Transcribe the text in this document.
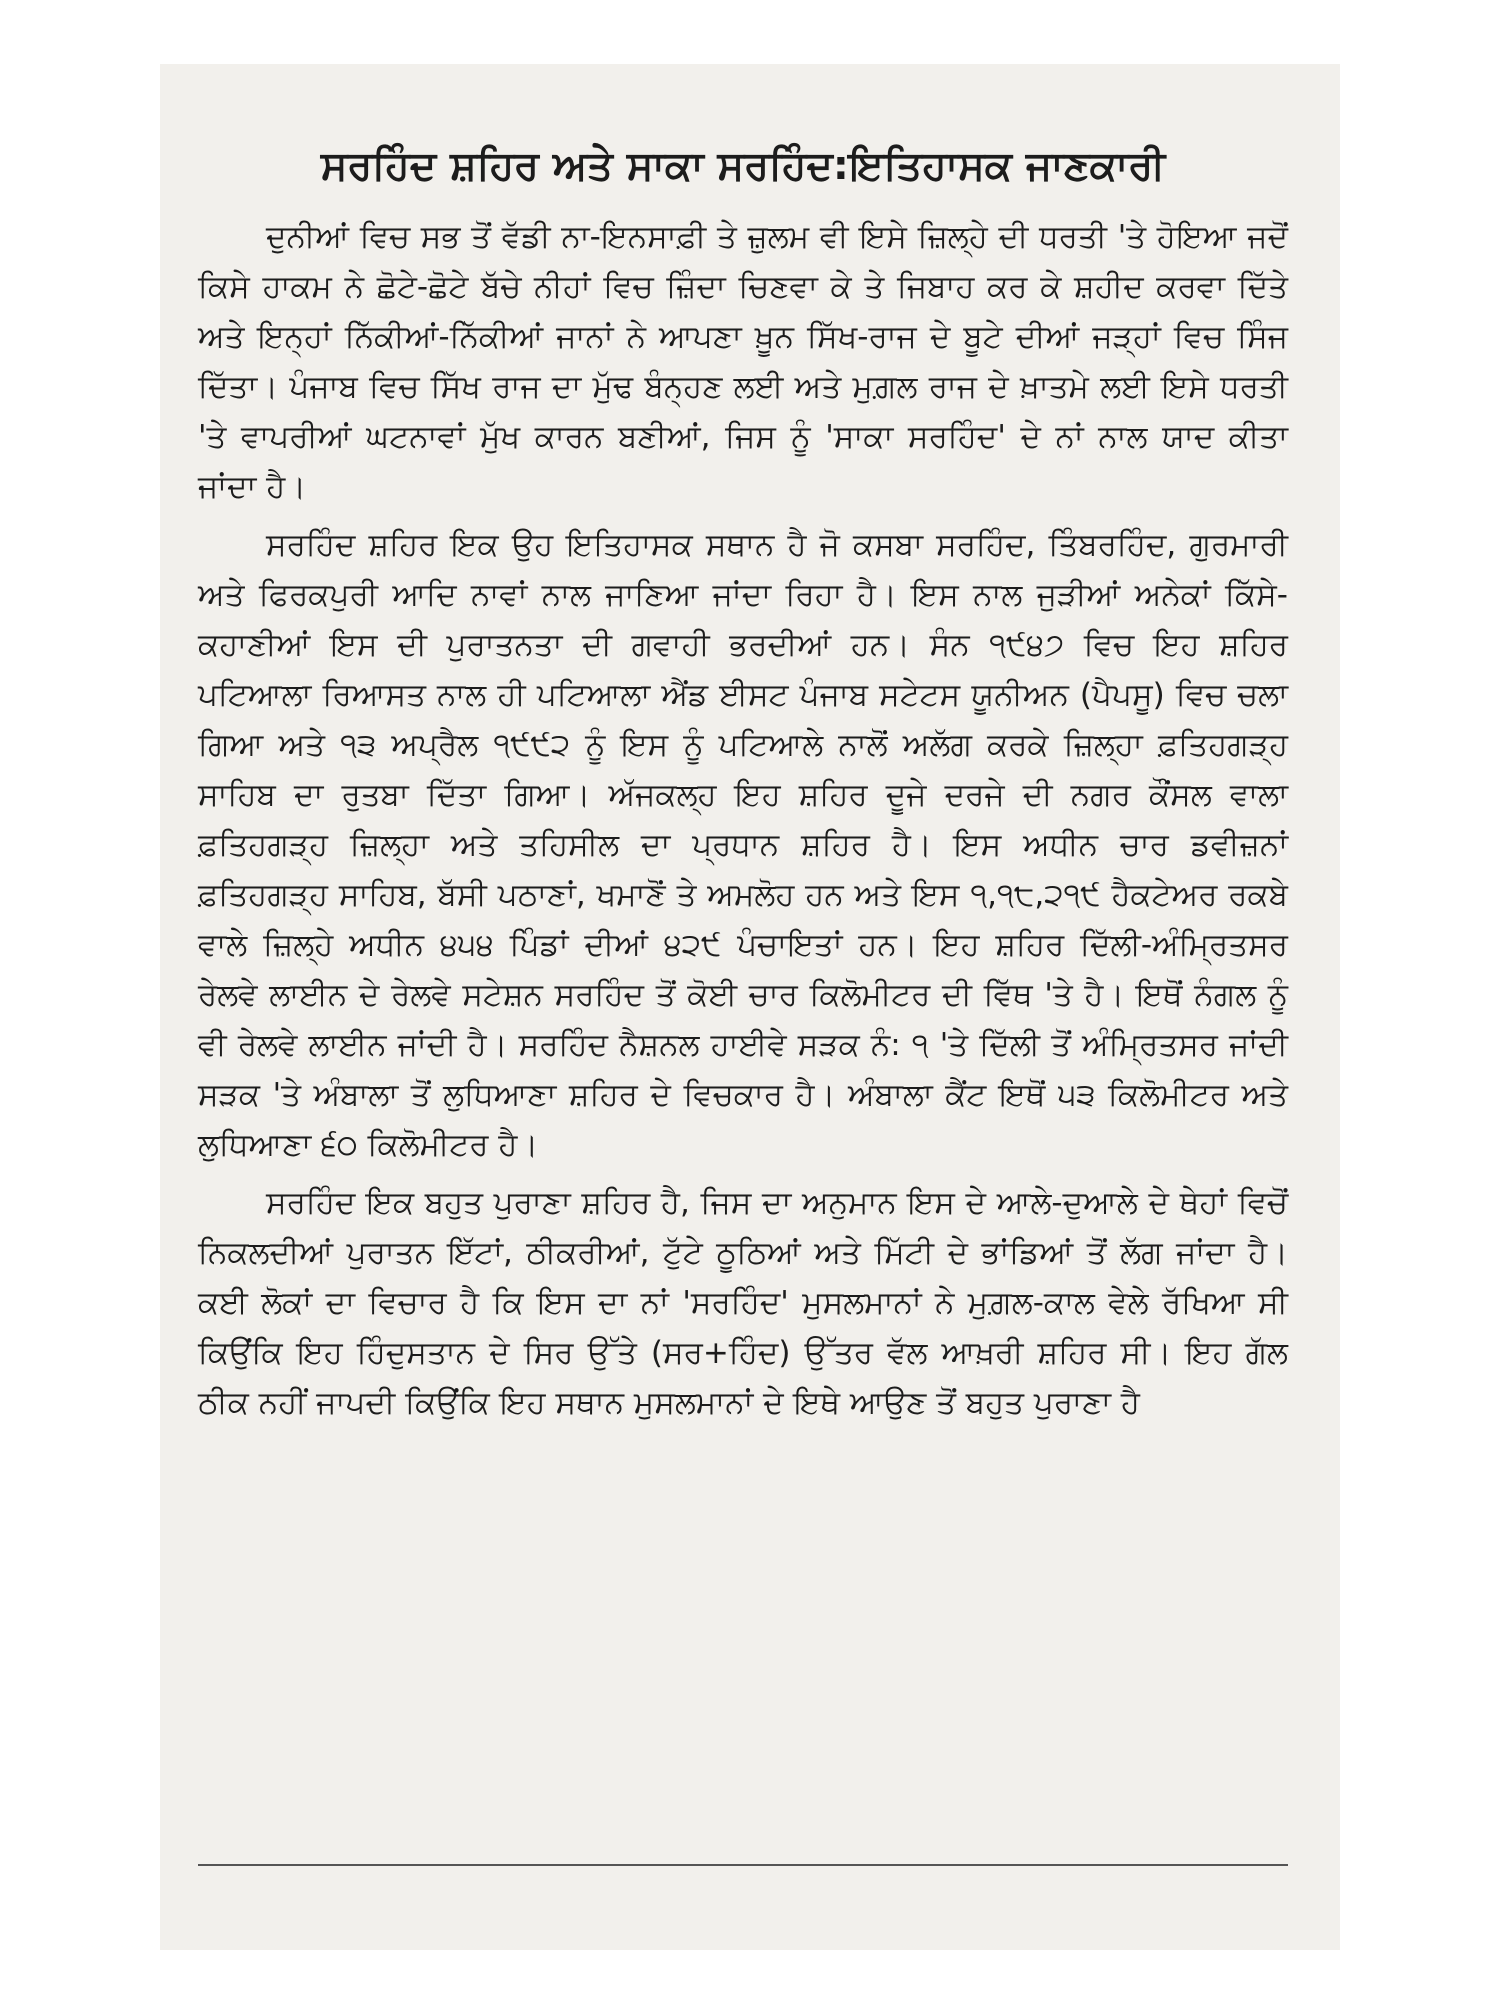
ਸਰਹਿੰਦ ਸ਼ਹਿਰ ਅਤੇ ਸਾਕਾ ਸਰਹਿੰਦ:ਇਤਿਹਾਸਕ ਜਾਣਕਾਰੀ

ਦੁਨੀਆਂ ਵਿਚ ਸਭ ਤੋਂ ਵੱਡੀ ਨਾ-ਇਨਸਾਫ਼ੀ ਤੇ ਜ਼ੁਲਮ ਵੀ ਇਸੇ ਜ਼ਿਲ੍ਹੇ ਦੀ ਧਰਤੀ 'ਤੇ ਹੋਇਆ ਜਦੋਂ ਕਿਸੇ ਹਾਕਮ ਨੇ ਛੋਟੇ-ਛੋਟੇ ਬੱਚੇ ਨੀਹਾਂ ਵਿਚ ਜ਼ਿੰਦਾ ਚਿਣਵਾ ਕੇ ਤੇ ਜਿਬਾਹ ਕਰ ਕੇ ਸ਼ਹੀਦ ਕਰਵਾ ਦਿੱਤੇ ਅਤੇ ਇਨ੍ਹਾਂ ਨਿੱਕੀਆਂ-ਨਿੱਕੀਆਂ ਜਾਨਾਂ ਨੇ ਆਪਣਾ ਖ਼ੂਨ ਸਿੱਖ-ਰਾਜ ਦੇ ਬੂਟੇ ਦੀਆਂ ਜੜ੍ਹਾਂ ਵਿਚ ਸਿੰਜ ਦਿੱਤਾ। ਪੰਜਾਬ ਵਿਚ ਸਿੱਖ ਰਾਜ ਦਾ ਮੁੱਢ ਬੰਨ੍ਹਣ ਲਈ ਅਤੇ ਮੁਗ਼ਲ ਰਾਜ ਦੇ ਖ਼ਾਤਮੇ ਲਈ ਇਸੇ ਧਰਤੀ 'ਤੇ ਵਾਪਰੀਆਂ ਘਟਨਾਵਾਂ ਮੁੱਖ ਕਾਰਨ ਬਣੀਆਂ, ਜਿਸ ਨੂੰ 'ਸਾਕਾ ਸਰਹਿੰਦ' ਦੇ ਨਾਂ ਨਾਲ ਯਾਦ ਕੀਤਾ ਜਾਂਦਾ ਹੈ।

ਸਰਹਿੰਦ ਸ਼ਹਿਰ ਇਕ ਉਹ ਇਤਿਹਾਸਕ ਸਥਾਨ ਹੈ ਜੋ ਕਸਬਾ ਸਰਹਿੰਦ, ਤਿੰਬਰਹਿੰਦ, ਗੁਰਮਾਰੀ ਅਤੇ ਫਿਰਕਪੁਰੀ ਆਦਿ ਨਾਵਾਂ ਨਾਲ ਜਾਣਿਆ ਜਾਂਦਾ ਰਿਹਾ ਹੈ। ਇਸ ਨਾਲ ਜੁੜੀਆਂ ਅਨੇਕਾਂ ਕਿੱਸੇ-ਕਹਾਣੀਆਂ ਇਸ ਦੀ ਪੁਰਾਤਨਤਾ ਦੀ ਗਵਾਹੀ ਭਰਦੀਆਂ ਹਨ। ਸੰਨ ੧੯੪੭ ਵਿਚ ਇਹ ਸ਼ਹਿਰ ਪਟਿਆਲਾ ਰਿਆਸਤ ਨਾਲ ਹੀ ਪਟਿਆਲਾ ਐਂਡ ਈਸਟ ਪੰਜਾਬ ਸਟੇਟਸ ਯੂਨੀਅਨ (ਪੈਪਸੂ) ਵਿਚ ਚਲਾ ਗਿਆ ਅਤੇ ੧੩ ਅਪ੍ਰੈਲ ੧੯੯੨ ਨੂੰ ਇਸ ਨੂੰ ਪਟਿਆਲੇ ਨਾਲੋਂ ਅਲੱਗ ਕਰਕੇ ਜ਼ਿਲ੍ਹਾ ਫ਼ਤਿਹਗੜ੍ਹ ਸਾਹਿਬ ਦਾ ਰੁਤਬਾ ਦਿੱਤਾ ਗਿਆ। ਅੱਜਕਲ੍ਹ ਇਹ ਸ਼ਹਿਰ ਦੂਜੇ ਦਰਜੇ ਦੀ ਨਗਰ ਕੌਂਸਲ ਵਾਲਾ ਫ਼ਤਿਹਗੜ੍ਹ ਜ਼ਿਲ੍ਹਾ ਅਤੇ ਤਹਿਸੀਲ ਦਾ ਪ੍ਰਧਾਨ ਸ਼ਹਿਰ ਹੈ। ਇਸ ਅਧੀਨ ਚਾਰ ਡਵੀਜ਼ਨਾਂ ਫ਼ਤਿਹਗੜ੍ਹ ਸਾਹਿਬ, ਬੱਸੀ ਪਠਾਣਾਂ, ਖਮਾਣੋਂ ਤੇ ਅਮਲੋਹ ਹਨ ਅਤੇ ਇਸ ੧,੧੮,੨੧੯ ਹੈਕਟੇਅਰ ਰਕਬੇ ਵਾਲੇ ਜ਼ਿਲ੍ਹੇ ਅਧੀਨ ੪੫੪ ਪਿੰਡਾਂ ਦੀਆਂ ੪੨੯ ਪੰਚਾਇਤਾਂ ਹਨ। ਇਹ ਸ਼ਹਿਰ ਦਿੱਲੀ-ਅੰਮ੍ਰਿਤਸਰ ਰੇਲਵੇ ਲਾਈਨ ਦੇ ਰੇਲਵੇ ਸਟੇਸ਼ਨ ਸਰਹਿੰਦ ਤੋਂ ਕੋਈ ਚਾਰ ਕਿਲੋਮੀਟਰ ਦੀ ਵਿੱਥ 'ਤੇ ਹੈ। ਇਥੋਂ ਨੰਗਲ ਨੂੰ ਵੀ ਰੇਲਵੇ ਲਾਈਨ ਜਾਂਦੀ ਹੈ। ਸਰਹਿੰਦ ਨੈਸ਼ਨਲ ਹਾਈਵੇ ਸੜਕ ਨੰ: ੧ 'ਤੇ ਦਿੱਲੀ ਤੋਂ ਅੰਮ੍ਰਿਤਸਰ ਜਾਂਦੀ ਸੜਕ 'ਤੇ ਅੰਬਾਲਾ ਤੋਂ ਲੁਧਿਆਣਾ ਸ਼ਹਿਰ ਦੇ ਵਿਚਕਾਰ ਹੈ। ਅੰਬਾਲਾ ਕੈਂਟ ਇਥੋਂ ੫੩ ਕਿਲੋਮੀਟਰ ਅਤੇ ਲੁਧਿਆਣਾ ੬੦ ਕਿਲੋਮੀਟਰ ਹੈ।

ਸਰਹਿੰਦ ਇਕ ਬਹੁਤ ਪੁਰਾਣਾ ਸ਼ਹਿਰ ਹੈ, ਜਿਸ ਦਾ ਅਨੁਮਾਨ ਇਸ ਦੇ ਆਲੇ-ਦੁਆਲੇ ਦੇ ਥੇਹਾਂ ਵਿਚੋਂ ਨਿਕਲਦੀਆਂ ਪੁਰਾਤਨ ਇੱਟਾਂ, ਠੀਕਰੀਆਂ, ਟੁੱਟੇ ਠੂਠਿਆਂ ਅਤੇ ਮਿੱਟੀ ਦੇ ਭਾਂਡਿਆਂ ਤੋਂ ਲੱਗ ਜਾਂਦਾ ਹੈ। ਕਈ ਲੋਕਾਂ ਦਾ ਵਿਚਾਰ ਹੈ ਕਿ ਇਸ ਦਾ ਨਾਂ 'ਸਰਹਿੰਦ' ਮੁਸਲਮਾਨਾਂ ਨੇ ਮੁਗ਼ਲ-ਕਾਲ ਵੇਲੇ ਰੱਖਿਆ ਸੀ ਕਿਉਂਕਿ ਇਹ ਹਿੰਦੁਸਤਾਨ ਦੇ ਸਿਰ ਉੱਤੇ (ਸਰ+ਹਿੰਦ) ਉੱਤਰ ਵੱਲ ਆਖ਼ਰੀ ਸ਼ਹਿਰ ਸੀ। ਇਹ ਗੱਲ ਠੀਕ ਨਹੀਂ ਜਾਪਦੀ ਕਿਉਂਕਿ ਇਹ ਸਥਾਨ ਮੁਸਲਮਾਨਾਂ ਦੇ ਇਥੇ ਆਉਣ ਤੋਂ ਬਹੁਤ ਪੁਰਾਣਾ ਹੈ
